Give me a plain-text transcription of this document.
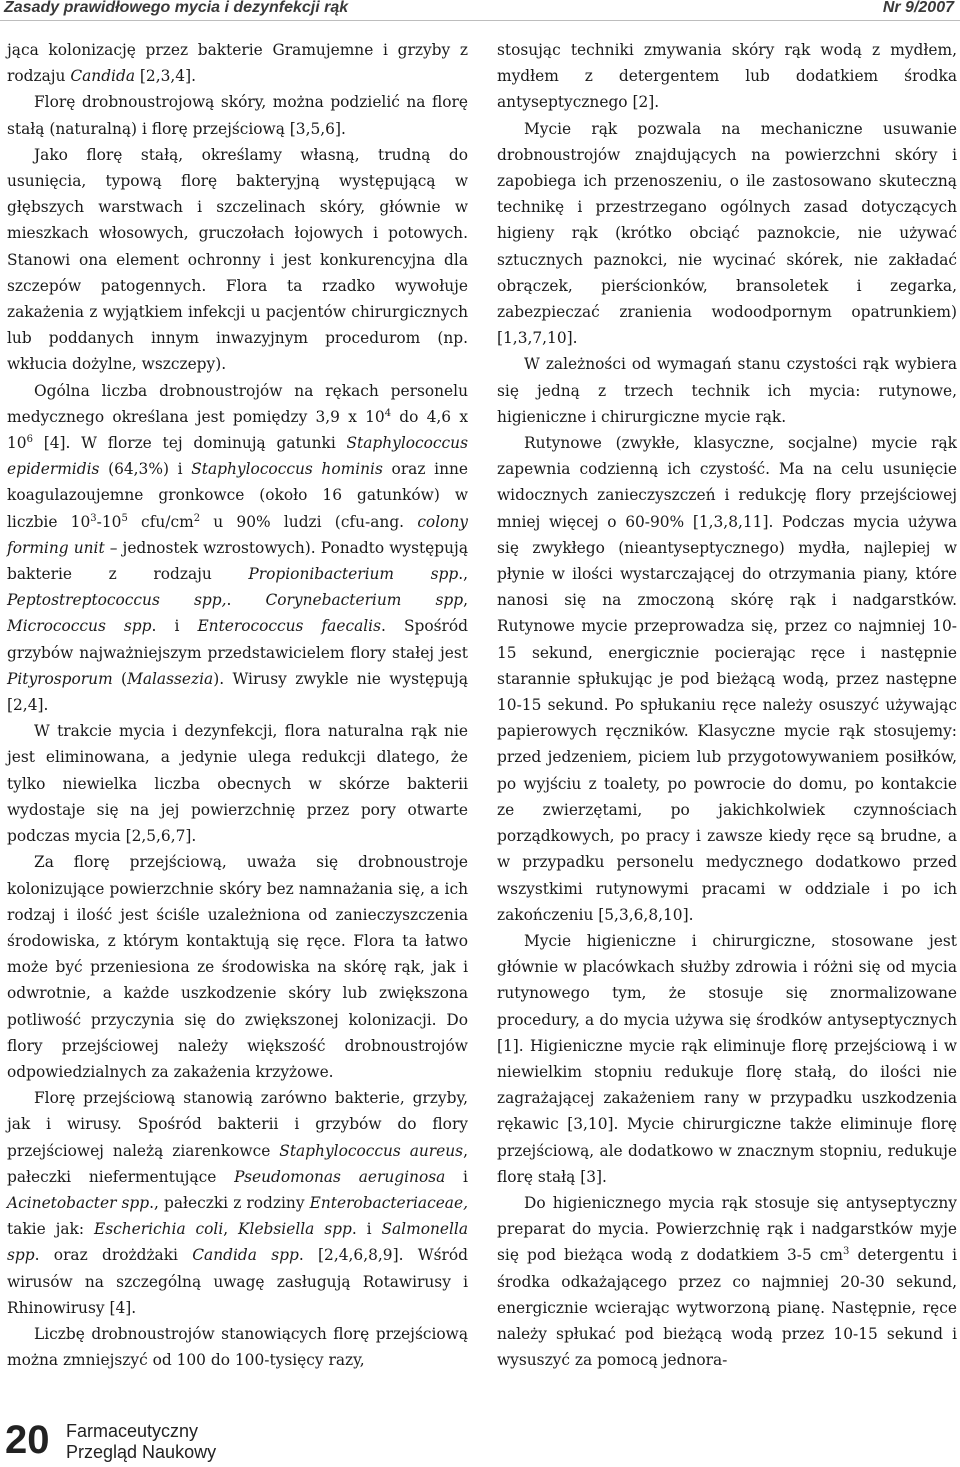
Zasady prawidłowego mycia i dezynfekcji rąk	Nr 9/2007

jąca kolonizację przez bakterie Gramujemne i grzyby z rodzaju Candida [2,3,4].

Florę drobnoustrojową skóry, można podzielić na florę stałą (naturalną) i florę przejściową [3,5,6].

Jako florę stałą, określamy własną, trudną do usunięcia, typową florę bakteryjną występującą w głębszych warstwach i szczelinach skóry, głównie w mieszkach włosowych, gruczołach łojowych i potowych. Stanowi ona element ochronny i jest konkurencyjna dla szczepów patogennych. Flora ta rzadko wywołuje zakażenia z wyjątkiem infekcji u pacjentów chirurgicznych lub poddanych innym inwazyjnym procedurom (np. wkłucia dożylne, wszczepy).

Ogólna liczba drobnoustrojów na rękach personelu medycznego określana jest pomiędzy 3,9 x $10^4$ do 4,6 x $10^6$ [4]. W florze tej dominują gatunki Staphylococcus epidermidis (64,3%) i Staphylococcus hominis oraz inne koagulazoujemne gronkowce (około 16 gatunków) w liczbie $10^3-10^5$ cfu/$cm^2$ u 90% ludzi (cfu-ang. colony forming unit – jednostek wzrostowych). Ponadto występują bakterie z rodzaju Propionibacterium spp., Peptostreptococcus spp,. Corynebacterium spp, Micrococcus spp. i Enterococcus faecalis. Spośród grzybów najważniejszym przedstawicielem flory stałej jest Pityrosporum (Malassezia). Wirusy zwykle nie występują [2,4].

W trakcie mycia i dezynfekcji, flora naturalna rąk nie jest eliminowana, a jedynie ulega redukcji dlatego, że tylko niewielka liczba obecnych w skórze bakterii wydostaje się na jej powierzchnię przez pory otwarte podczas mycia [2,5,6,7].

Za florę przejściową, uważa się drobnoustroje kolonizujące powierzchnie skóry bez namnażania się, a ich rodzaj i ilość jest ściśle uzależniona od zanieczyszczenia środowiska, z którym kontaktują się ręce. Flora ta łatwo może być przeniesiona ze środowiska na skórę rąk, jak i odwrotnie, a każde uszkodzenie skóry lub zwiększona potliwość przyczynia się do zwiększonej kolonizacji. Do flory przejściowej należy większość drobnoustrojów odpowiedzialnych za zakażenia krzyżowe.

Florę przejściową stanowią zarówno bakterie, grzyby, jak i wirusy. Spośród bakterii i grzybów do flory przejściowej należą ziarenkowce Staphylococcus aureus, pałeczki niefermentujące Pseudomonas aeruginosa i Acinetobacter spp., pałeczki z rodziny Enterobacteriaceae, takie jak: Escherichia coli, Klebsiella spp. i Salmonella spp. oraz drożdżaki Candida spp. [2,4,6,8,9]. Wśród wirusów na szczególną uwagę zasługują Rotawirusy i Rhinowirusy [4].

Liczbę drobnoustrojów stanowiących florę przejściową można zmniejszyć od 100 do 100-tysięcy razy,

stosując techniki zmywania skóry rąk wodą z mydłem, mydłem z detergentem lub dodatkiem środka antyseptycznego [2].

Mycie rąk pozwala na mechaniczne usuwanie drobnoustrojów znajdujących na powierzchni skóry i zapobiega ich przenoszeniu, o ile zastosowano skuteczną technikę i przestrzegano ogólnych zasad dotyczących higieny rąk (krótko obciąć paznokcie, nie używać sztucznych paznokci, nie wycinać skórek, nie zakładać obrączek, pierścionków, bransoletek i zegarka, zabezpieczać zranienia wodoodpornym opatrunkiem) [1,3,7,10].

W zależności od wymagań stanu czystości rąk wybiera się jedną z trzech technik ich mycia: rutynowe, higieniczne i chirurgiczne mycie rąk.

Rutynowe (zwykłe, klasyczne, socjalne) mycie rąk zapewnia codzienną ich czystość. Ma na celu usunięcie widocznych zanieczyszczeń i redukcję flory przejściowej mniej więcej o 60-90% [1,3,8,11]. Podczas mycia używa się zwykłego (nieantyseptycznego) mydła, najlepiej w płynie w ilości wystarczającej do otrzymania piany, które nanosi się na zmoczoną skórę rąk i nadgarstków. Rutynowe mycie przeprowadza się, przez co najmniej 10-15 sekund, energicznie pocierając ręce i następnie starannie spłukując je pod bieżącą wodą, przez następne 10-15 sekund. Po spłukaniu ręce należy osuszyć używając papierowych ręczników. Klasyczne mycie rąk stosujemy: przed jedzeniem, piciem lub przygotowywaniem posiłków, po wyjściu z toalety, po powrocie do domu, po kontakcie ze zwierzętami, po jakichkolwiek czynnościach porządkowych, po pracy i zawsze kiedy ręce są brudne, a w przypadku personelu medycznego dodatkowo przed wszystkimi rutynowymi pracami w oddziale i po ich zakończeniu [5,3,6,8,10].

Mycie higieniczne i chirurgiczne, stosowane jest głównie w placówkach służby zdrowia i różni się od mycia rutynowego tym, że stosuje się znormalizowane procedury, a do mycia używa się środków antyseptycznych [1]. Higieniczne mycie rąk eliminuje florę przejściową i w niewielkim stopniu redukuje florę stałą, do ilości nie zagrażającej zakażeniem rany w przypadku uszkodzenia rękawic [3,10]. Mycie chirurgiczne także eliminuje florę przejściową, ale dodatkowo w znacznym stopniu, redukuje florę stałą [3].

Do higienicznego mycia rąk stosuje się antyseptyczny preparat do mycia. Powierzchnię rąk i nadgarstków myje się pod bieżąca wodą z dodatkiem 3-5 $cm^3$ detergentu i środka odkażającego przez co najmniej 20-30 sekund, energicznie wcierając wytworzoną pianę. Następnie, ręce należy spłukać pod bieżącą wodą przez 10-15 sekund i wysuszyć za pomocą jednora-

20 Farmaceutyczny
Przegląd Naukowy
